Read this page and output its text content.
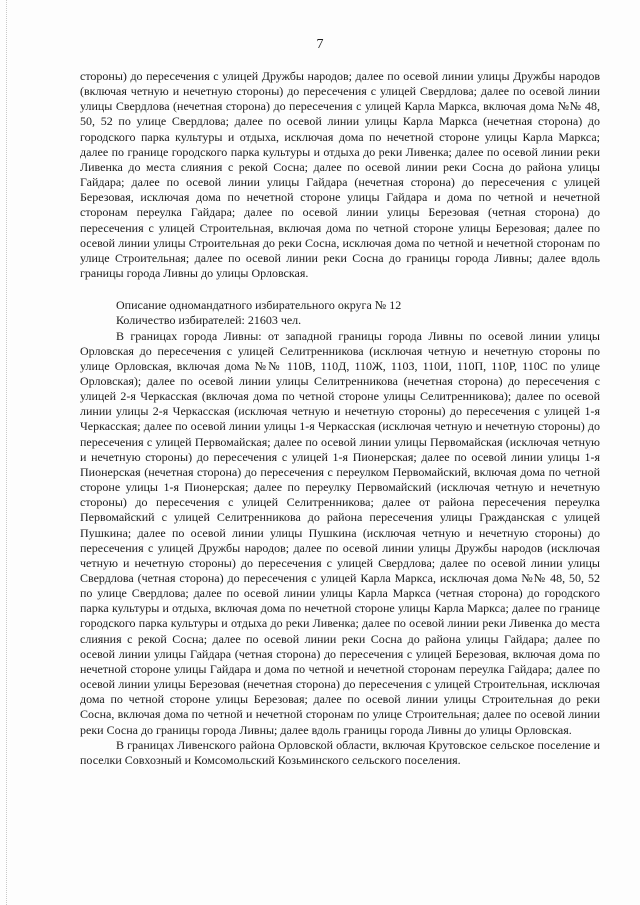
7

стороны) до пересечения с улицей Дружбы народов; далее по осевой линии улицы Дружбы народов (включая четную и нечетную стороны) до пересечения с улицей Свердлова; далее по осевой линии улицы Свердлова (нечетная сторона) до пересечения с улицей Карла Маркса, включая дома №№ 48, 50, 52 по улице Свердлова; далее по осевой линии улицы Карла Маркса (нечетная сторона) до городского парка культуры и отдыха, исключая дома по нечетной стороне улицы Карла Маркса; далее по границе городского парка культуры и отдыха до реки Ливенка; далее по осевой линии реки Ливенка до места слияния с рекой Сосна; далее по осевой линии реки Сосна до района улицы Гайдара; далее по осевой линии улицы Гайдара (нечетная сторона) до пересечения с улицей Березовая, исключая дома по нечетной стороне улицы Гайдара и дома по четной и нечетной сторонам переулка Гайдара; далее по осевой линии улицы Березовая (четная сторона) до пересечения с улицей Строительная, включая дома по четной стороне улицы Березовая; далее по осевой линии улицы Строительная до реки Сосна, исключая дома по четной и нечетной сторонам по улице Строительная; далее по осевой линии реки Сосна до границы города Ливны; далее вдоль границы города Ливны до улицы Орловская.

Описание одномандатного избирательного округа № 12

Количество избирателей: 21603 чел.

В границах города Ливны: от западной границы города Ливны по осевой линии улицы Орловская до пересечения с улицей Селитренникова (исключая четную и нечетную стороны по улице Орловская, включая дома №№ 110В, 110Д, 110Ж, 110З, 110И, 110П, 110Р, 110С по улице Орловская); далее по осевой линии улицы Селитренникова (нечетная сторона) до пересечения с улицей 2-я Черкасская (включая дома по четной стороне улицы Селитренникова); далее по осевой линии улицы 2-я Черкасская (исключая четную и нечетную стороны) до пересечения с улицей 1-я Черкасская; далее по осевой линии улицы 1-я Черкасская (исключая четную и нечетную стороны) до пересечения с улицей Первомайская; далее по осевой линии улицы Первомайская (исключая четную и нечетную стороны) до пересечения с улицей 1-я Пионерская; далее по осевой линии улицы 1-я Пионерская (нечетная сторона) до пересечения с переулком Первомайский, включая дома по четной стороне улицы 1-я Пионерская; далее по переулку Первомайский (исключая четную и нечетную стороны) до пересечения с улицей Селитренникова; далее от района пересечения переулка Первомайский с улицей Селитренникова до района пересечения улицы Гражданская с улицей Пушкина; далее по осевой линии улицы Пушкина (исключая четную и нечетную стороны) до пересечения с улицей Дружбы народов; далее по осевой линии улицы Дружбы народов (исключая четную и нечетную стороны) до пересечения с улицей Свердлова; далее по осевой линии улицы Свердлова (четная сторона) до пересечения с улицей Карла Маркса, исключая дома №№ 48, 50, 52 по улице Свердлова; далее по осевой линии улицы Карла Маркса (четная сторона) до городского парка культуры и отдыха, включая дома по нечетной стороне улицы Карла Маркса; далее по границе городского парка культуры и отдыха до реки Ливенка; далее по осевой линии реки Ливенка до места слияния с рекой Сосна; далее по осевой линии реки Сосна до района улицы Гайдара; далее по осевой линии улицы Гайдара (четная сторона) до пересечения с улицей Березовая, включая дома по нечетной стороне улицы Гайдара и дома по четной и нечетной сторонам переулка Гайдара; далее по осевой линии улицы Березовая (нечетная сторона) до пересечения с улицей Строительная, исключая дома по четной стороне улицы Березовая; далее по осевой линии улицы Строительная до реки Сосна, включая дома по четной и нечетной сторонам по улице Строительная; далее по осевой линии реки Сосна до границы города Ливны; далее вдоль границы города Ливны до улицы Орловская.

В границах Ливенского района Орловской области, включая Крутовское сельское поселение и поселки Совхозный и Комсомольский Козьминского сельского поселения.
